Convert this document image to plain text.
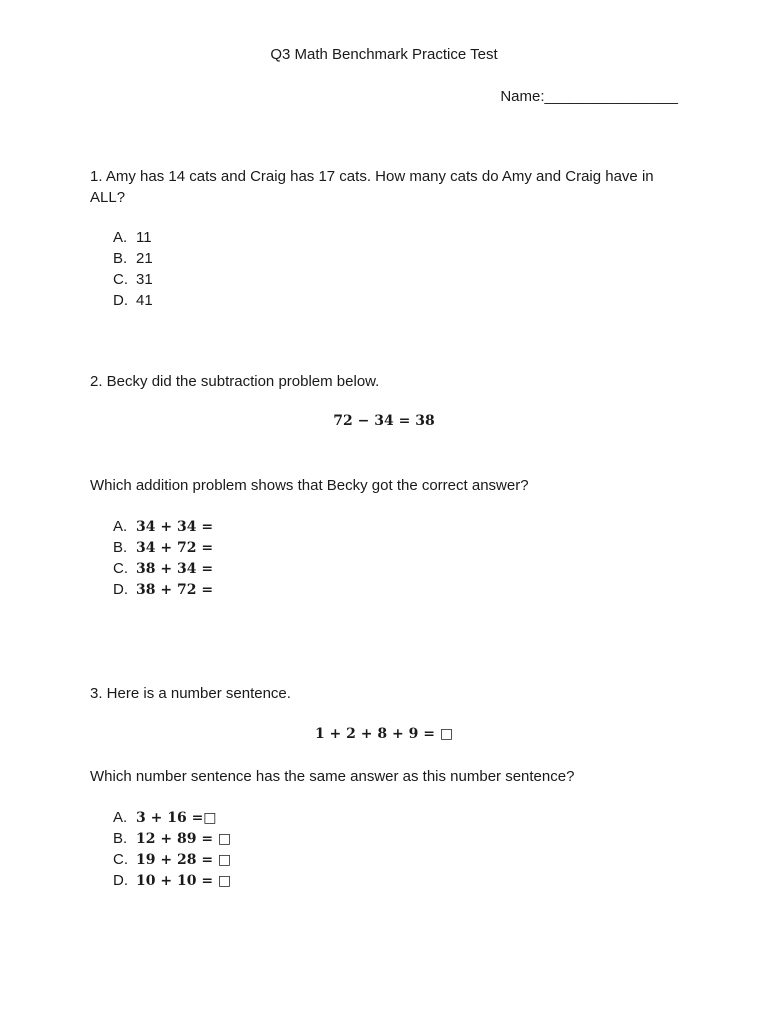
Q3 Math Benchmark Practice Test
Name:________________
1. Amy has 14 cats and Craig has 17 cats. How many cats do Amy and Craig have in ALL?
A. 11
B. 21
C. 31
D. 41
2. Becky did the subtraction problem below.
72 − 34 = 38
Which addition problem shows that Becky got the correct answer?
A. 34 + 34 =
B. 34 + 72 =
C. 38 + 34 =
D. 38 + 72 =
3. Here is a number sentence.
1 + 2 + 8 + 9 = □
Which number sentence has the same answer as this number sentence?
A. 3 + 16 =□
B. 12 + 89 = □
C. 19 + 28 = □
D. 10 + 10 = □
